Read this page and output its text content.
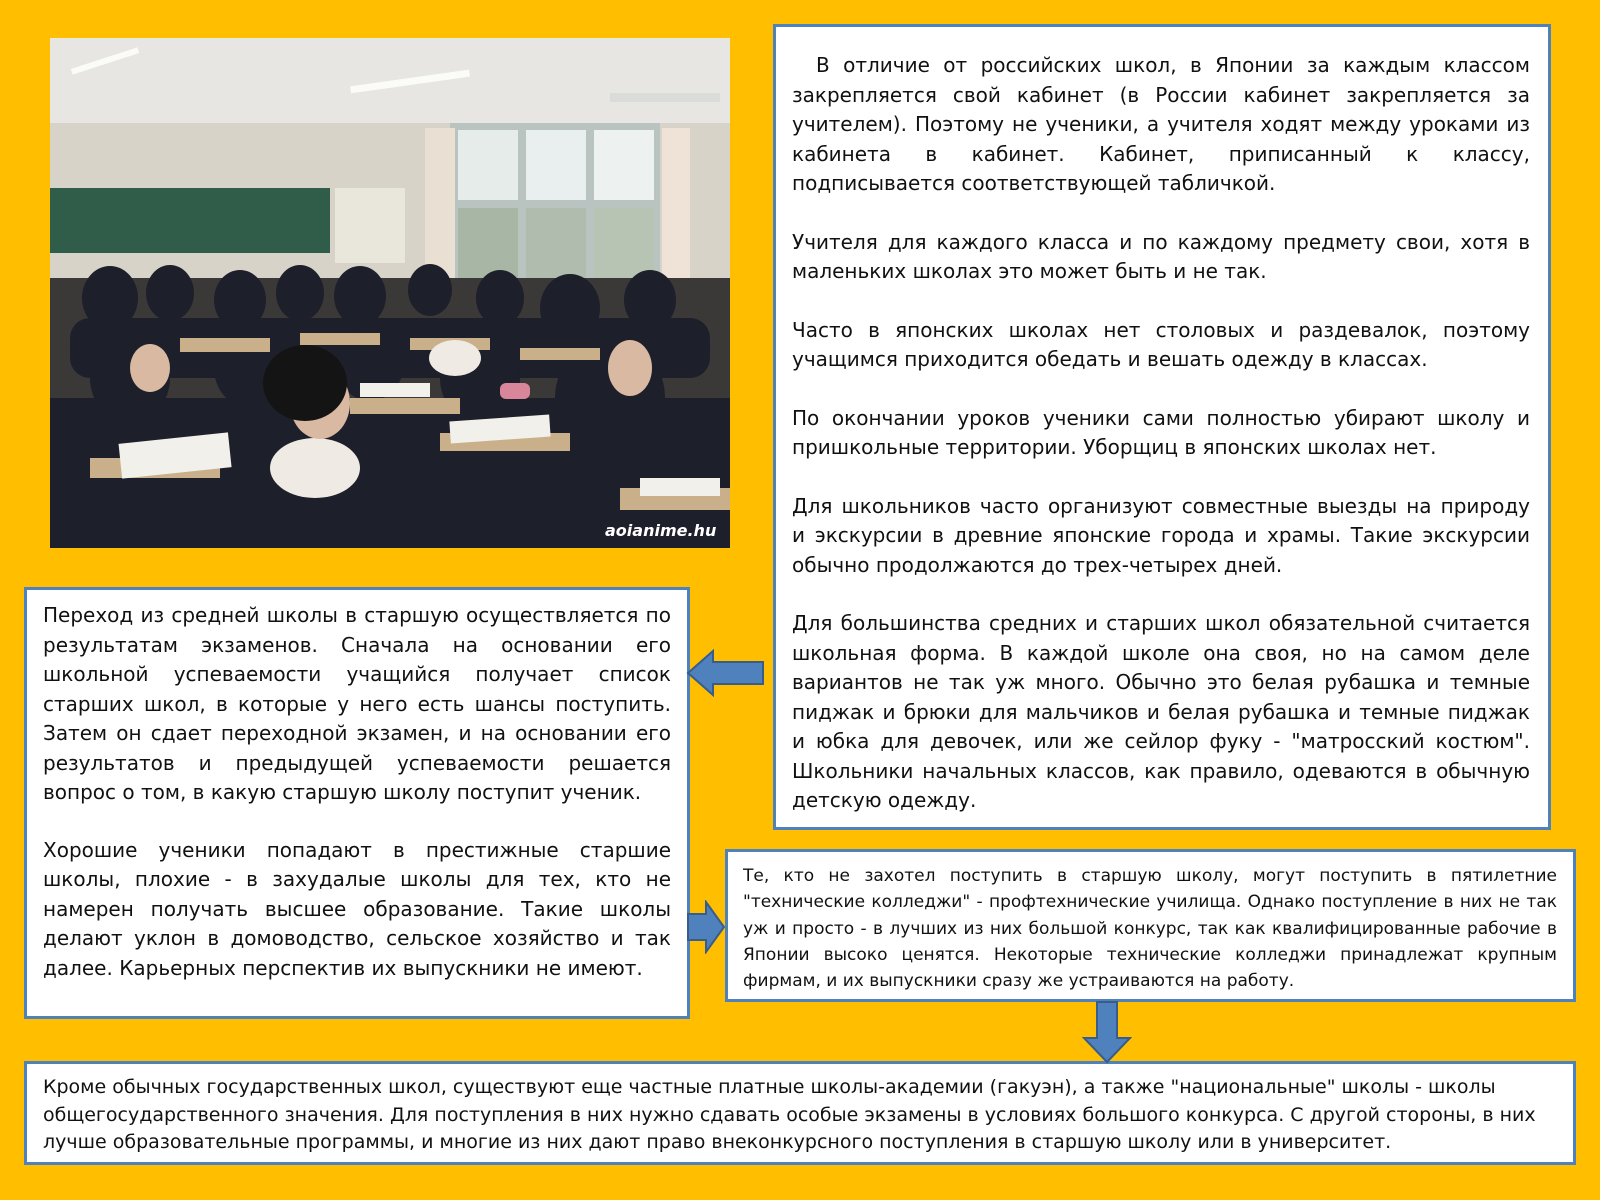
aoianime.hu

В отличие от российских школ, в Японии за каждым классом закрепляется свой кабинет (в России кабинет закрепляется за учителем). Поэтому не ученики, а учителя ходят между уроками из кабинета в кабинет. Кабинет, приписанный к классу, подписывается соответствующей табличкой.

Учителя для каждого класса и по каждому предмету свои, хотя в маленьких школах это может быть и не так.

Часто в японских школах нет столовых и раздевалок, поэтому учащимся приходится обедать и вешать одежду в классах.

По окончании уроков ученики сами полностью убирают школу и пришкольные территории. Уборщиц в японских школах нет.

Для школьников часто организуют совместные выезды на природу и экскурсии в древние японские города и храмы. Такие экскурсии обычно продолжаются до трех-четырех дней.

Для большинства средних и старших школ обязательной считается школьная форма. В каждой школе она своя, но на самом деле вариантов не так уж много. Обычно это белая рубашка и темные пиджак и брюки для мальчиков и белая рубашка и темные пиджак и юбка для девочек, или же сейлор фуку - "матросский костюм". Школьники начальных классов, как правило, одеваются в обычную детскую одежду.

Переход из средней школы в старшую осуществляется по результатам экзаменов. Сначала на основании его школьной успеваемости учащийся получает список старших школ, в которые у него есть шансы поступить. Затем он сдает переходной экзамен, и на основании его результатов и предыдущей успеваемости решается вопрос о том, в какую старшую школу поступит ученик.

Хорошие ученики попадают в престижные старшие школы, плохие - в захудалые школы для тех, кто не намерен получать высшее образование. Такие школы делают уклон в домоводство, сельское хозяйство и так далее. Карьерных перспектив их выпускники не имеют.

Те, кто не захотел поступить в старшую школу, могут поступить в пятилетние "технические колледжи" - профтехнические училища. Однако поступление в них не так уж и просто - в лучших из них большой конкурс, так как квалифицированные рабочие в Японии высоко ценятся. Некоторые технические колледжи принадлежат крупным фирмам, и их выпускники сразу же устраиваются на работу.

Кроме обычных государственных школ, существуют еще частные платные школы-академии (гакуэн), а также "национальные" школы - школы общегосударственного значения. Для поступления в них нужно сдавать особые экзамены в условиях большого конкурса. С другой стороны, в них лучше образовательные программы, и многие из них дают право внеконкурсного поступления в старшую школу или в университет.
